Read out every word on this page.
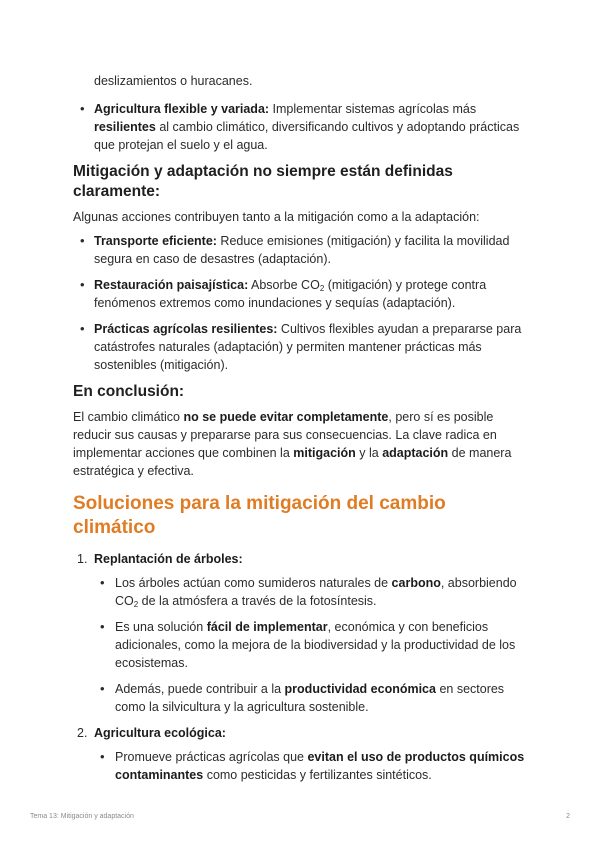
deslizamientos o huracanes.
• Agricultura flexible y variada: Implementar sistemas agrícolas más resilientes al cambio climático, diversificando cultivos y adoptando prácticas que protejan el suelo y el agua.
Mitigación y adaptación no siempre están definidas claramente:

Algunas acciones contribuyen tanto a la mitigación como a la adaptación:

• Transporte eficiente: Reduce emisiones (mitigación) y facilita la movilidad segura en caso de desastres (adaptación).
• Restauración paisajística: Absorbe $CO_2$ (mitigación) y protege contra fenómenos extremos como inundaciones y sequías (adaptación).
• Prácticas agrícolas resilientes: Cultivos flexibles ayudan a prepararse para catástrofes naturales (adaptación) y permiten mantener prácticas más sostenibles (mitigación).
En conclusión:

El cambio climático no se puede evitar completamente, pero sí es posible reducir sus causas y prepararse para sus consecuencias. La clave radica en implementar acciones que combinen la mitigación y la adaptación de manera estratégica y efectiva.

Soluciones para la mitigación del cambio climático
1. Replantación de árboles:
• Los árboles actúan como sumideros naturales de carbono, absorbiendo $CO_2$ de la atmósfera a través de la fotosíntesis.
• Es una solución fácil de implementar, económica y con beneficios adicionales, como la mejora de la biodiversidad y la productividad de los ecosistemas.
• Además, puede contribuir a la productividad económica en sectores como la silvicultura y la agricultura sostenible.
2. Agricultura ecológica:
• Promueve prácticas agrícolas que evitan el uso de productos químicos contaminantes como pesticidas y fertilizantes sintéticos.
Tema 13: Mitigación y adaptación	2
